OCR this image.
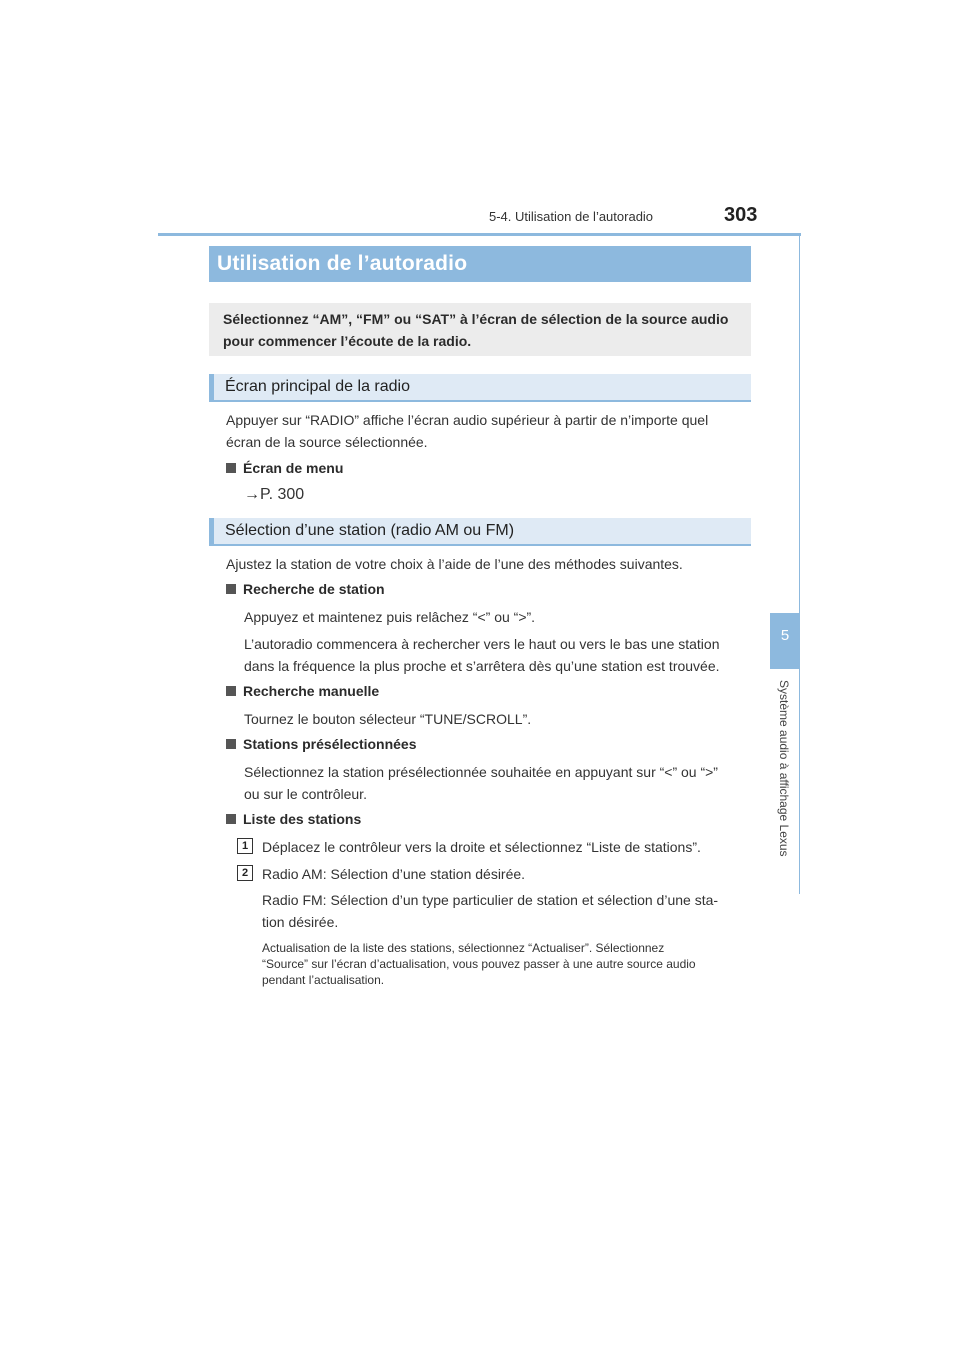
5-4. Utilisation de l’autoradio	303
5
Système audio à affichage Lexus
Utilisation de l’autoradio
Sélectionnez “AM”, “FM” ou “SAT” à l’écran de sélection de la source audio
pour commencer l’écoute de la radio.
Écran principal de la radio
Appuyer sur “RADIO” affiche l’écran audio supérieur à partir de n’importe quel
écran de la source sélectionnée.
Écran de menu
→P. 300
Sélection d’une station (radio AM ou FM)
Ajustez la station de votre choix à l’aide de l’une des méthodes suivantes.
Recherche de station
Appuyez et maintenez puis relâchez “<” ou “>”.
L’autoradio commencera à rechercher vers le haut ou vers le bas une station
dans la fréquence la plus proche et s’arrêtera dès qu’une station est trouvée.
Recherche manuelle
Tournez le bouton sélecteur “TUNE/SCROLL”.
Stations présélectionnées
Sélectionnez la station présélectionnée souhaitée en appuyant sur “<” ou “>”
ou sur le contrôleur.
Liste des stations
1 Déplacez le contrôleur vers la droite et sélectionnez “Liste de stations”.
2 Radio AM: Sélection d’une station désirée.
Radio FM: Sélection d’un type particulier de station et sélection d’une sta-
tion désirée.
Actualisation de la liste des stations, sélectionnez “Actualiser”. Sélectionnez
“Source” sur l’écran d’actualisation, vous pouvez passer à une autre source audio
pendant l’actualisation.
